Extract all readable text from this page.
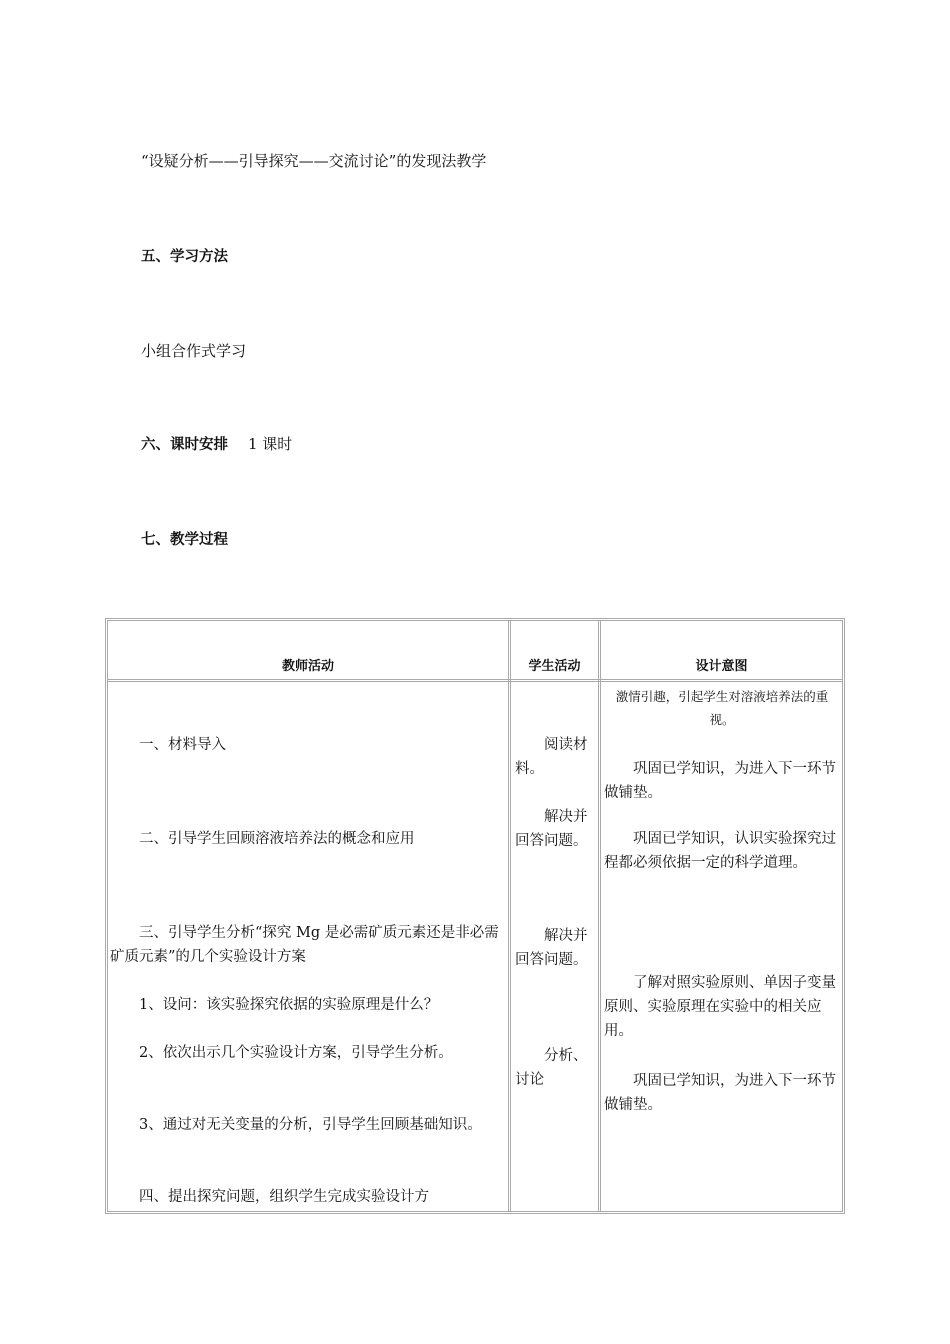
“设疑分析——引导探究——交流讨论”的发现法教学
五、学习方法
小组合作式学习
六、课时安排 1 课时
七、教学过程
教师活动	学生活动	设计意图
一、材料导入
二、引导学生回顾溶液培养法的概念和应用
三、引导学生分析“探究 Mg 是必需矿质元素还是非必需矿质元素”的几个实验设计方案
1、设问：该实验探究依据的实验原理是什么？
2、依次出示几个实验设计方案，引导学生分析。
3、通过对无关变量的分析，引导学生回顾基础知识。
四、提出探究问题，组织学生完成实验设计方
阅读材料。
解决并回答问题。
解决并回答问题。
分析、讨论
激情引趣，引起学生对溶液培养法的重视。
巩固已学知识，为进入下一环节做铺垫。
巩固已学知识，认识实验探究过程都必须依据一定的科学道理。
了解对照实验原则、单因子变量原则、实验原理在实验中的相关应用。
巩固已学知识，为进入下一环节做铺垫。
